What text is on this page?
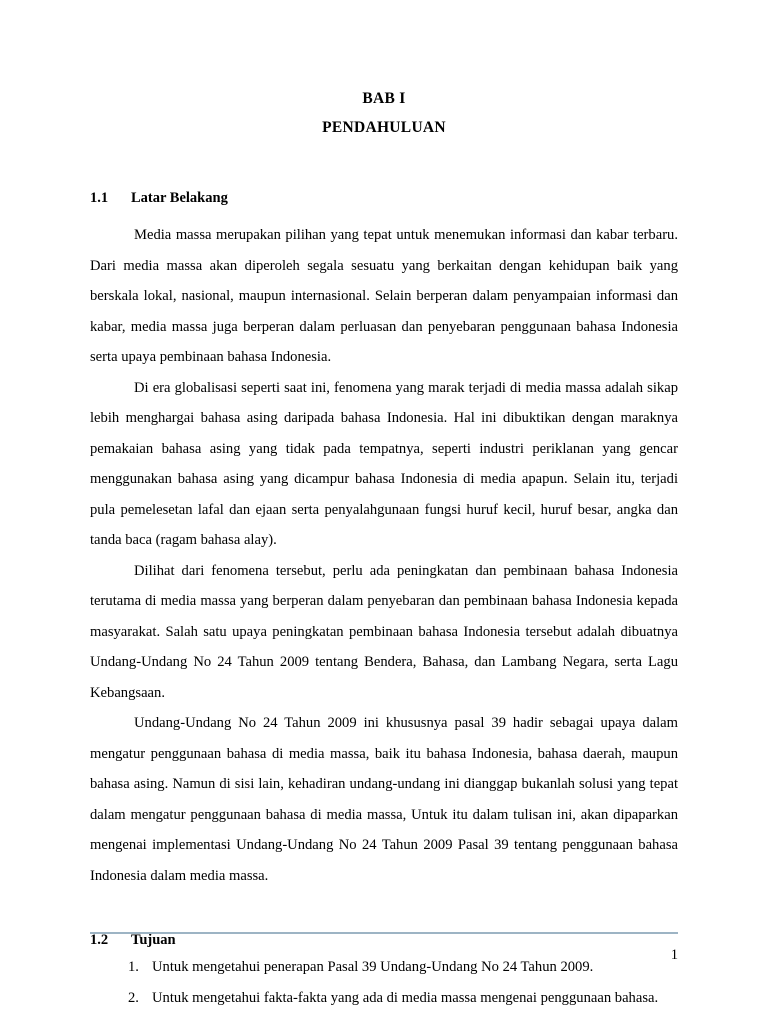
BAB I
PENDAHULUAN
1.1	Latar Belakang

Media massa merupakan pilihan yang tepat untuk menemukan informasi dan kabar terbaru. Dari media massa akan diperoleh segala sesuatu yang berkaitan dengan kehidupan baik yang berskala lokal, nasional, maupun internasional. Selain berperan dalam penyampaian informasi dan kabar, media massa juga berperan dalam perluasan dan penyebaran penggunaan bahasa Indonesia serta upaya pembinaan bahasa Indonesia.

Di era globalisasi seperti saat ini, fenomena yang marak terjadi di media massa adalah sikap lebih menghargai bahasa asing daripada bahasa Indonesia. Hal ini dibuktikan dengan maraknya pemakaian bahasa asing yang tidak pada tempatnya, seperti industri periklanan yang gencar menggunakan bahasa asing yang dicampur bahasa Indonesia di media apapun. Selain itu, terjadi pula pemelesetan lafal dan ejaan serta penyalahgunaan fungsi huruf kecil, huruf besar, angka dan tanda baca (ragam bahasa alay).

Dilihat dari fenomena tersebut, perlu ada peningkatan dan pembinaan bahasa Indonesia terutama di media massa yang berperan dalam penyebaran dan pembinaan bahasa Indonesia kepada masyarakat. Salah satu upaya peningkatan pembinaan bahasa Indonesia tersebut adalah dibuatnya Undang-Undang No 24 Tahun 2009 tentang Bendera, Bahasa, dan Lambang Negara, serta Lagu Kebangsaan.

Undang-Undang No 24 Tahun 2009 ini khususnya pasal 39 hadir sebagai upaya dalam mengatur penggunaan bahasa di media massa, baik itu bahasa Indonesia, bahasa daerah, maupun bahasa asing. Namun di sisi lain, kehadiran undang-undang ini dianggap bukanlah solusi yang tepat dalam mengatur penggunaan bahasa di media massa, Untuk itu dalam tulisan ini, akan dipaparkan mengenai implementasi Undang-Undang No 24 Tahun 2009 Pasal 39 tentang penggunaan bahasa Indonesia dalam media massa.

1.2	Tujuan
1. Untuk mengetahui penerapan Pasal 39 Undang-Undang No 24 Tahun 2009.
2. Untuk mengetahui fakta-fakta yang ada di media massa mengenai penggunaan bahasa.
1
